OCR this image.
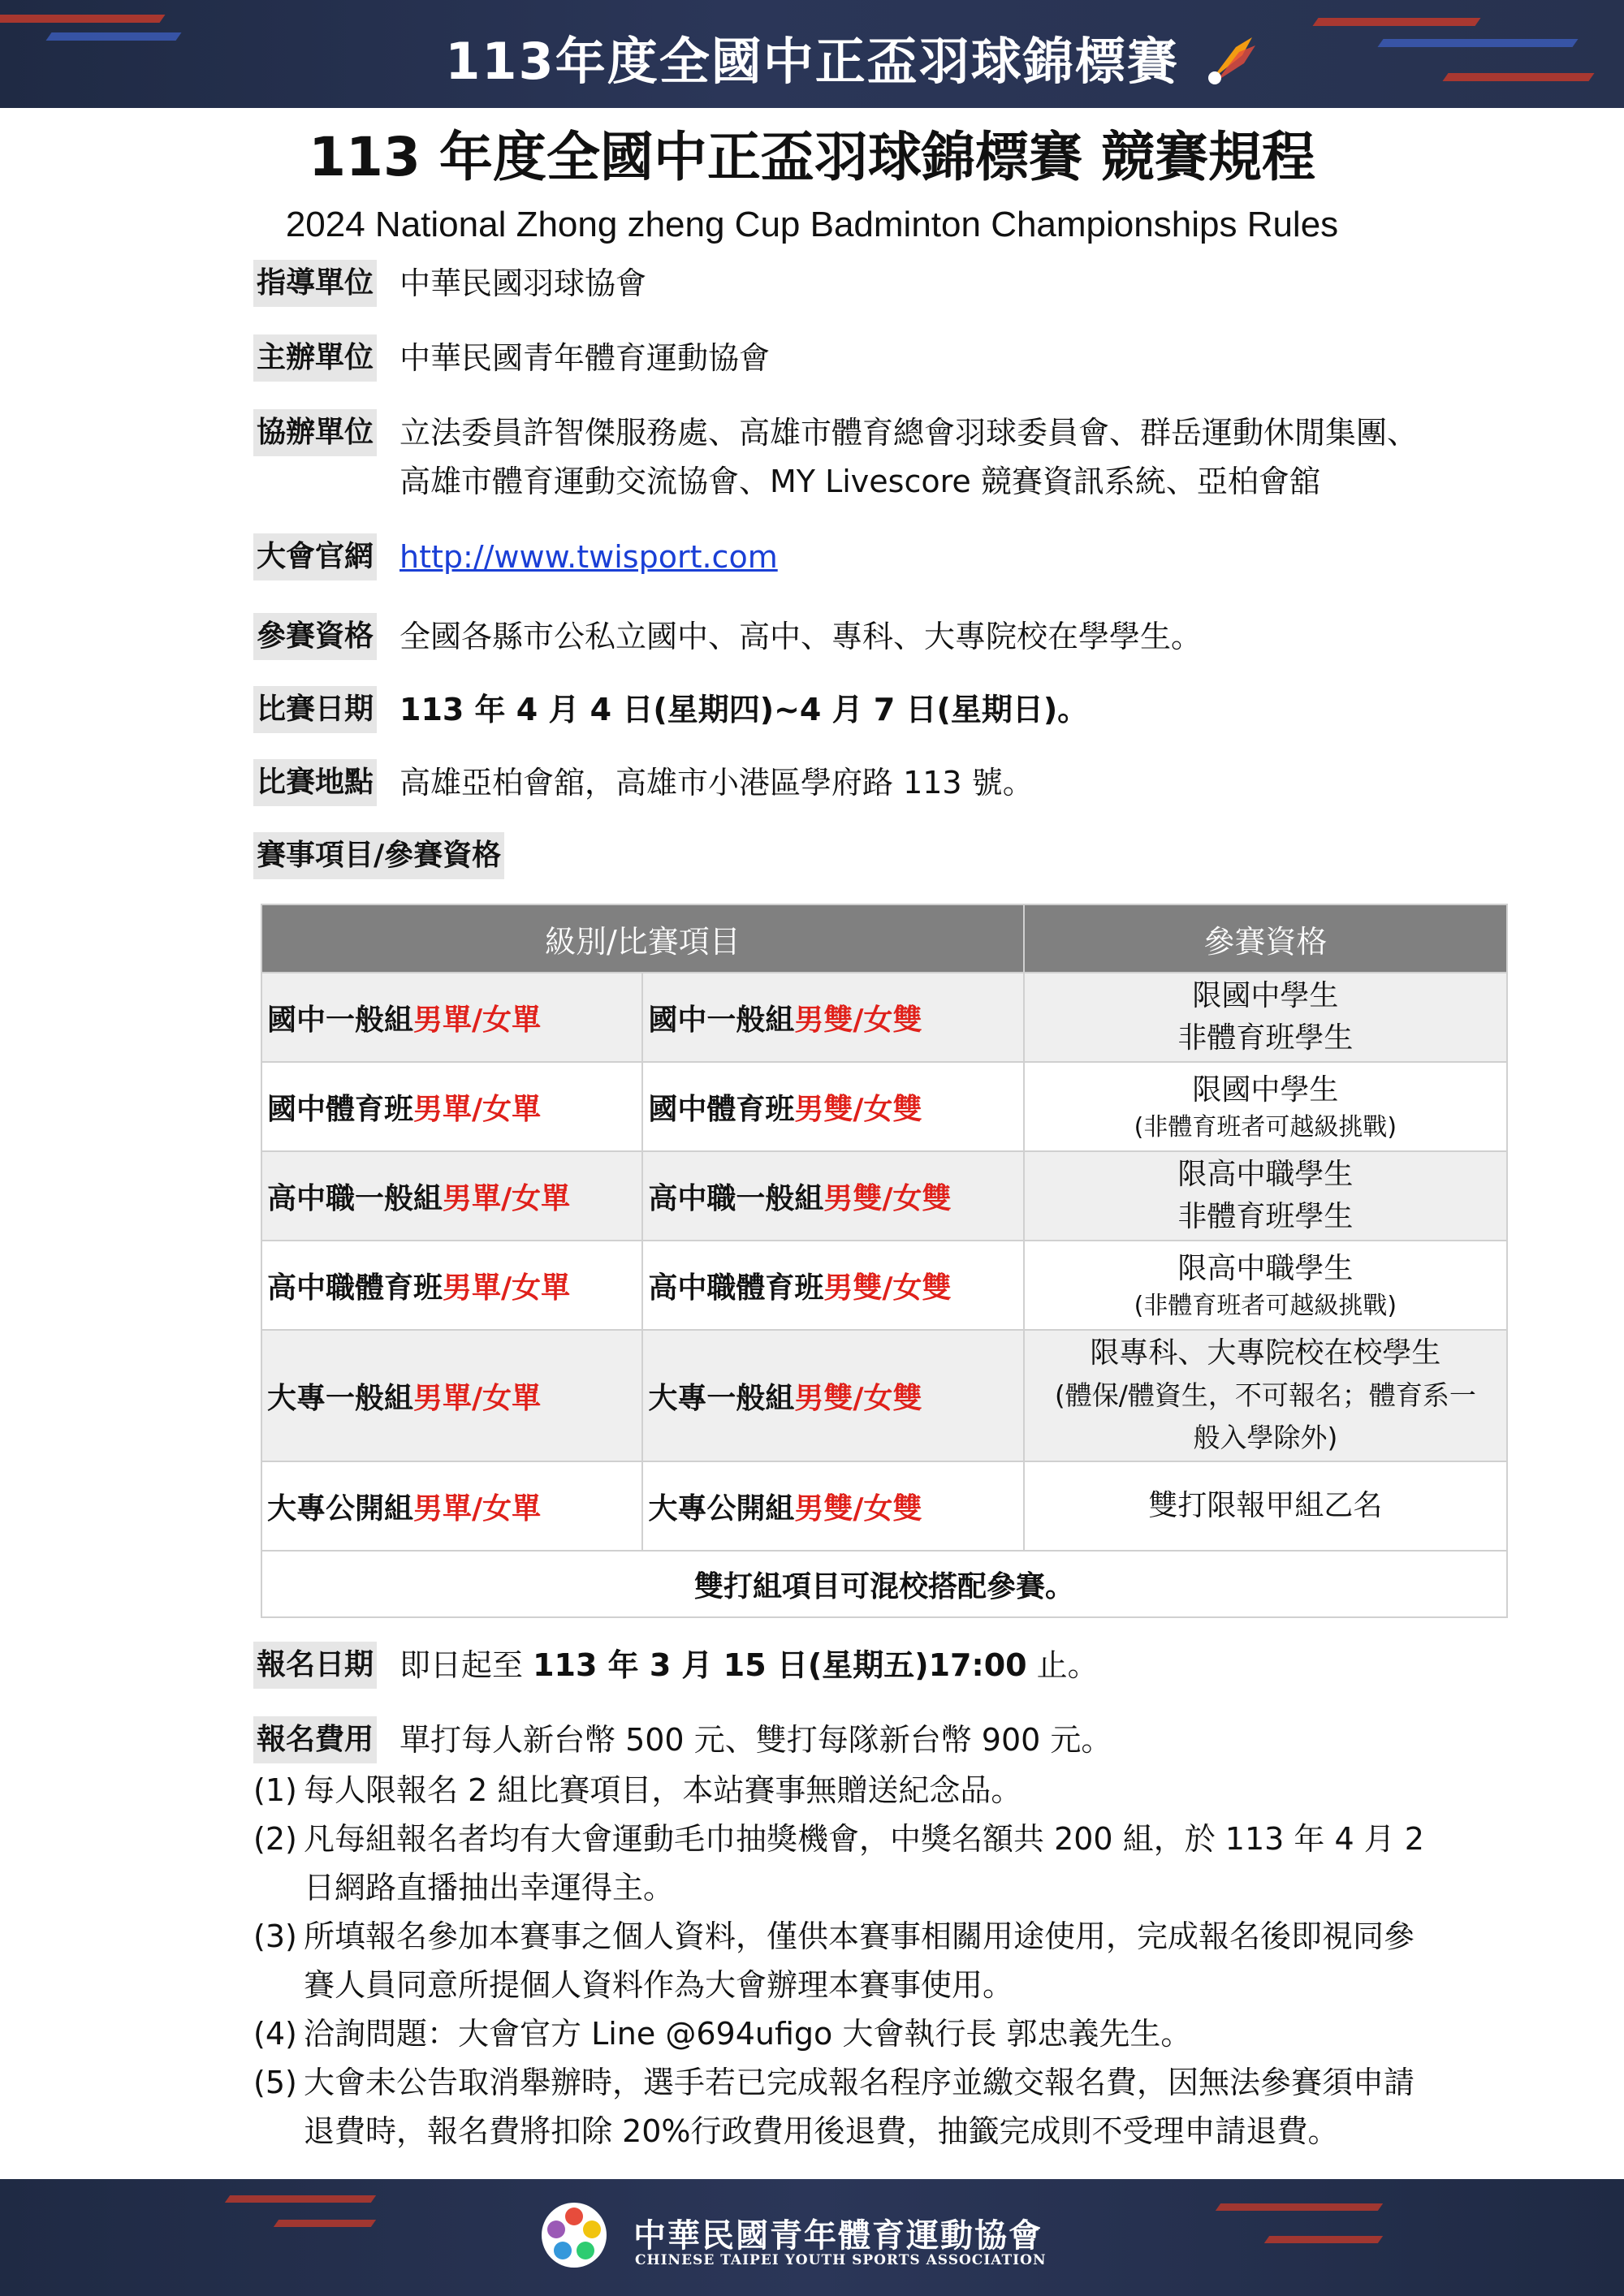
113年度全國中正盃羽球錦標賽
113 年度全國中正盃羽球錦標賽 競賽規程
2024 National Zhong zheng Cup Badminton Championships Rules
指導單位 中華民國羽球協會
主辦單位 中華民國青年體育運動協會
協辦單位 立法委員許智傑服務處、高雄市體育總會羽球委員會、群岳運動休閒集團、
高雄市體育運動交流協會、MY Livescore 競賽資訊系統、亞柏會舘
大會官網 http://www.twisport.com
參賽資格 全國各縣市公私立國中、高中、專科、大專院校在學學生。
比賽日期 113 年 4 月 4 日(星期四)~4 月 7 日(星期日)。
比賽地點 高雄亞柏會舘，高雄市小港區學府路 113 號。
賽事項目/參賽資格
級別/比賽項目		參賽資格
國中一般組男單/女單	國中一般組男雙/女雙	限國中學生
非體育班學生

國中體育班男單/女單	國中體育班男雙/女雙	限國中學生
(非體育班者可越級挑戰)

高中職一般組男單/女單	高中職一般組男雙/女雙	限高中職學生
非體育班學生

高中職體育班男單/女單	高中職體育班男雙/女雙	限高中職學生
(非體育班者可越級挑戰)

大專一般組男單/女單	大專一般組男雙/女雙	限專科、大專院校在校學生
(體保/體資生，不可報名；體育系一
般入學除外)

大專公開組男單/女單	大專公開組男雙/女雙	雙打限報甲組乙名

雙打組項目可混校搭配參賽。		
報名日期 即日起至 113 年 3 月 15 日(星期五)17:00 止。
報名費用 單打每人新台幣 500 元、雙打每隊新台幣 900 元。
(1) 每人限報名 2 組比賽項目，本站賽事無贈送紀念品。
(2) 凡每組報名者均有大會運動毛巾抽獎機會，中獎名額共 200 組，於 113 年 4 月 2
日網路直播抽出幸運得主。
(3) 所填報名參加本賽事之個人資料，僅供本賽事相關用途使用，完成報名後即視同參
賽人員同意所提個人資料作為大會辦理本賽事使用。
(4) 洽詢問題：大會官方 Line @694ufigo 大會執行長 郭忠義先生。
(5) 大會未公告取消舉辦時，選手若已完成報名程序並繳交報名費，因無法參賽須申請
退費時，報名費將扣除 20%行政費用後退費，抽籤完成則不受理申請退費。
中華民國青年體育運動協會
CHINESE TAIPEI YOUTH SPORTS ASSOCIATION
